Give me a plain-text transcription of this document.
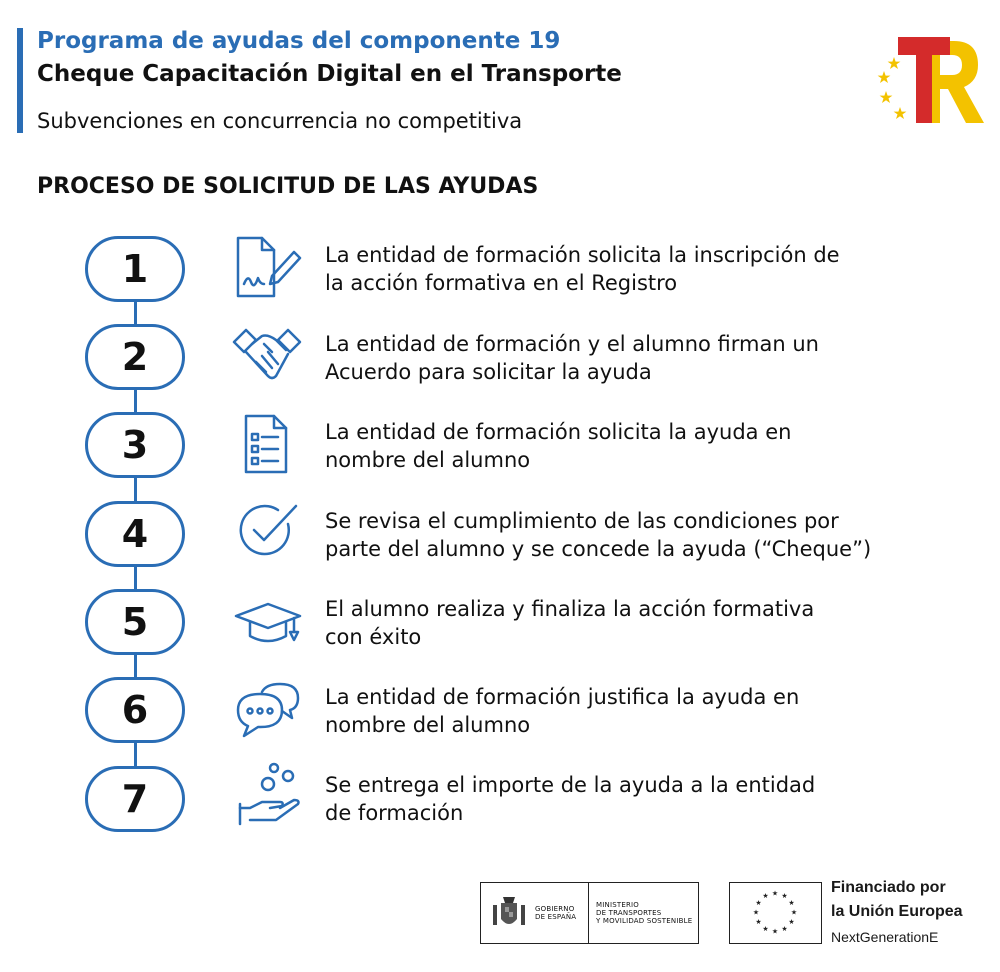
Programa de ayudas del componente 19
Cheque Capacitación Digital en el Transporte

Subvenciones en concurrencia no competitiva

PROCESO DE SOLICITUD DE LAS AYUDAS
1	La entidad de formación solicita la inscripción de
la acción formativa en el Registro

2	La entidad de formación y el alumno firman un
Acuerdo para solicitar la ayuda

3	La entidad de formación solicita la ayuda en
nombre del alumno

4	Se revisa el cumplimiento de las condiciones por
parte del alumno y se concede la ayuda (“Cheque”)

5	El alumno realiza y finaliza la acción formativa
con éxito

6	La entidad de formación justifica la ayuda en
nombre del alumno

7	Se entrega el importe de la ayuda a la entidad
de formación

GOBIERNO
DE ESPAÑA
MINISTERIO
DE TRANSPORTES
Y MOVILIDAD SOSTENIBLE
★ ★
★
★
★
★
★
★
★
★
★
★	Financiado por

la Unión Europea

NextGenerationE
